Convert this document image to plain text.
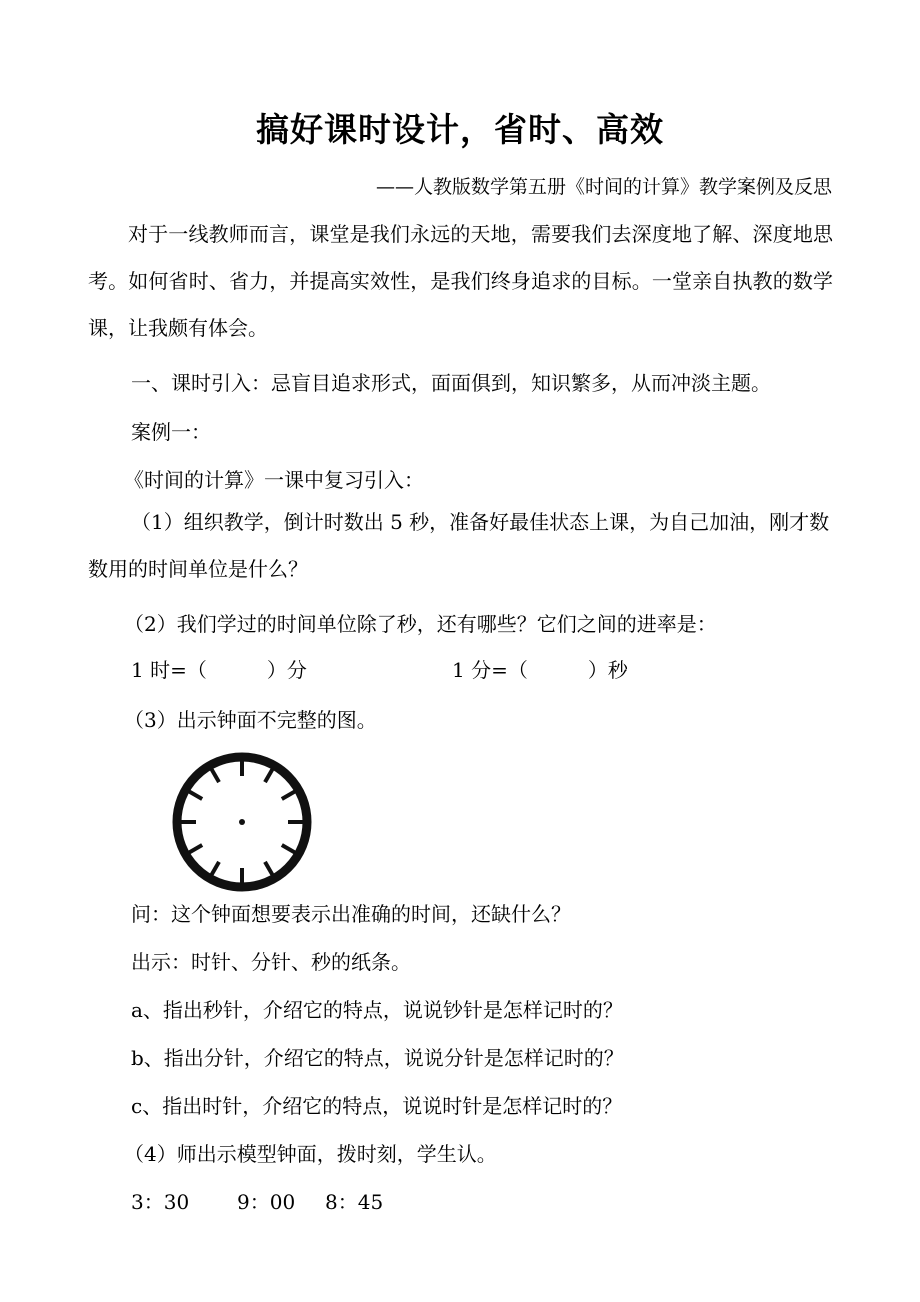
搞好课时设计，省时、高效
——人教版数学第五册《时间的计算》教学案例及反思
对于一线教师而言，课堂是我们永远的天地，需要我们去深度地了解、深度地思考。如何省时、省力，并提高实效性，是我们终身追求的目标。一堂亲自执教的数学课，让我颇有体会。
一、课时引入：忌盲目追求形式，面面俱到，知识繁多，从而冲淡主题。
案例一：
《时间的计算》一课中复习引入：
（1）组织教学，倒计时数出 5 秒，准备好最佳状态上课，为自己加油，刚才数数用的时间单位是什么？
（2）我们学过的时间单位除了秒，还有哪些？它们之间的进率是：
1 时=（　　　）分	1 分=（　　　）秒
（3）出示钟面不完整的图。
问：这个钟面想要表示出准确的时间，还缺什么？
出示：时针、分针、秒的纸条。
a、指出秒针，介绍它的特点，说说钞针是怎样记时的？
b、指出分针，介绍它的特点，说说分针是怎样记时的？
c、指出时针，介绍它的特点，说说时针是怎样记时的？
（4）师出示模型钟面，拨时刻，学生认。
3：30 9：00 8：45
